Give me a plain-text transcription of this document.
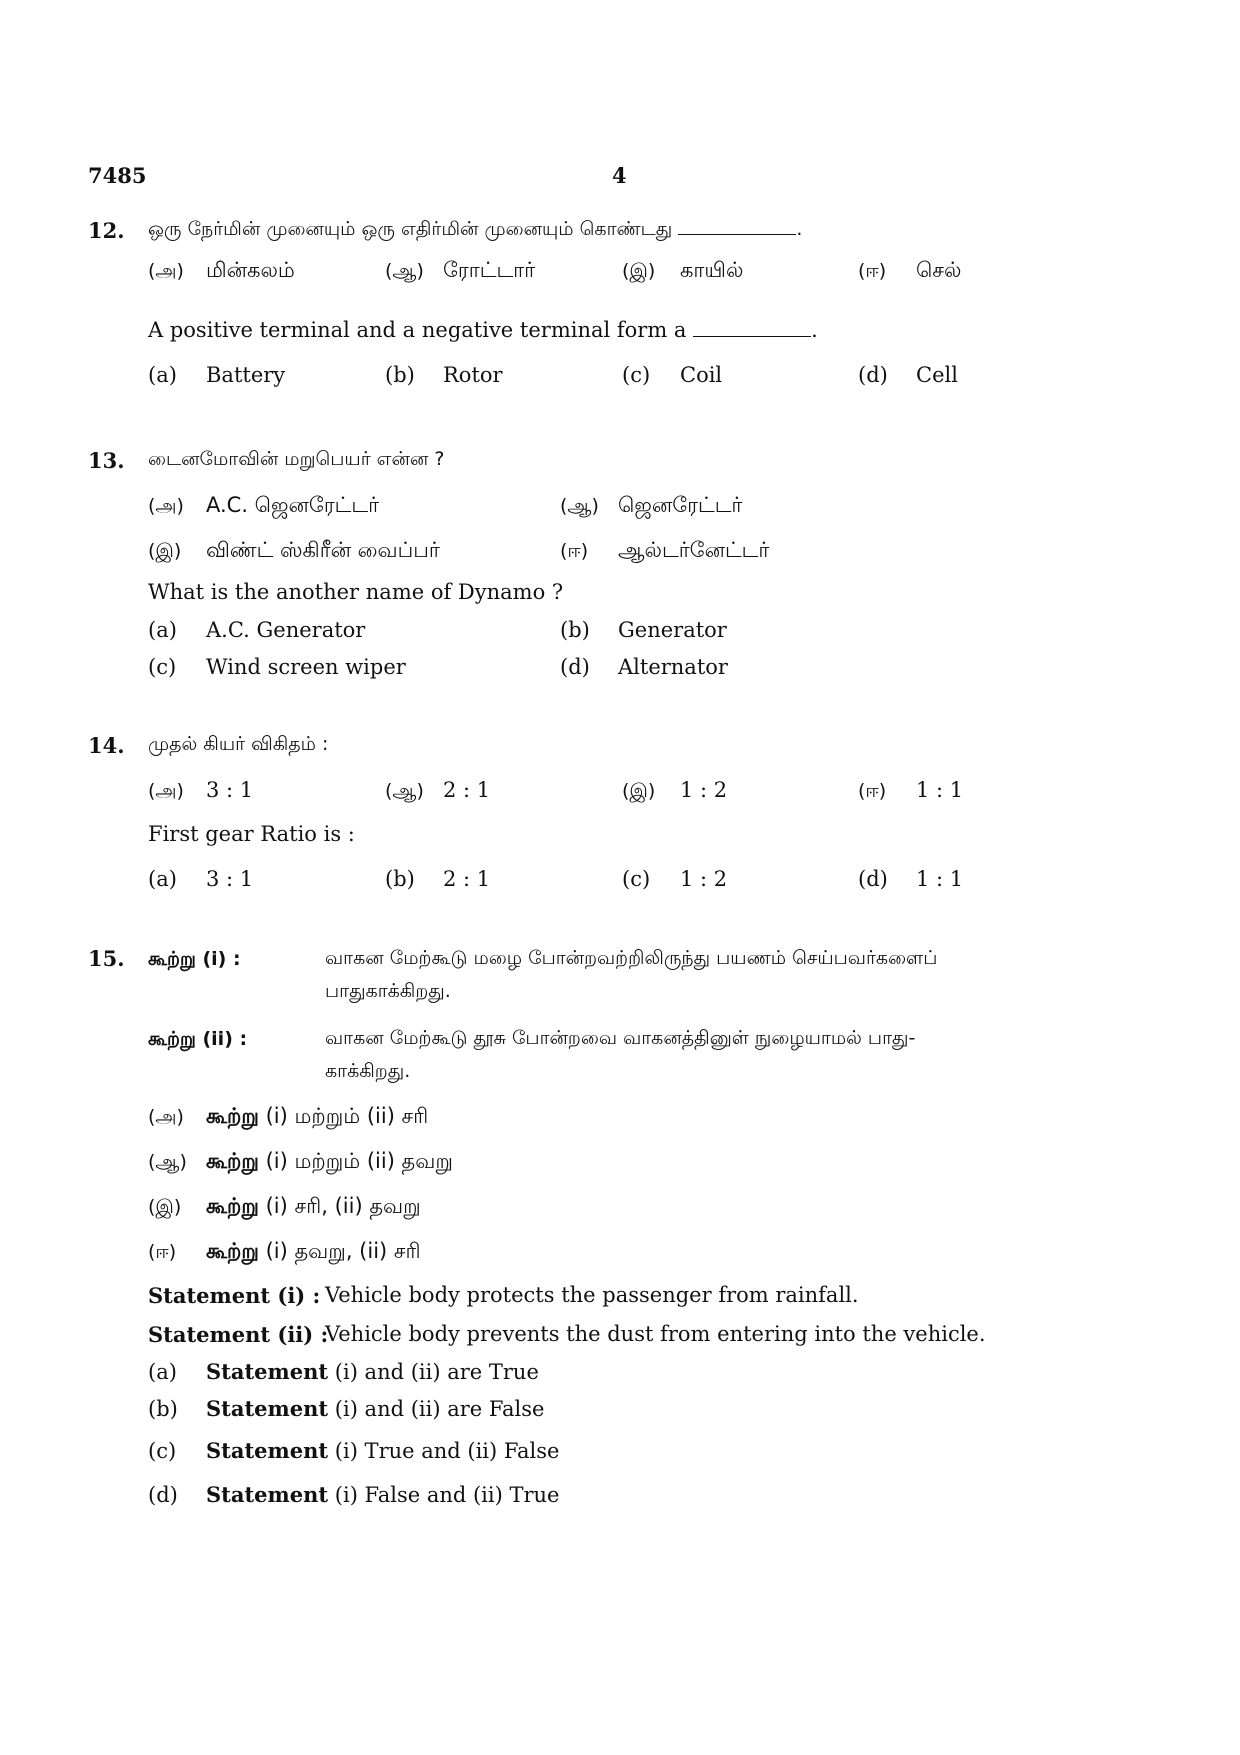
7485	4
12. ஒரு நேர்மின் முனையும் ஒரு எதிர்மின் முனையும் கொண்டது	.
(அ) மின்கலம்	(ஆ) ரோட்டார்	(இ) காயில்	(ஈ) செல்
A positive terminal and a negative terminal form a	.
(a) Battery	(b) Rotor	(c) Coil	(d) Cell
13. டைனமோவின் மறுபெயர் என்ன ?
(அ) A.C. ஜெனரேட்டர்	(ஆ) ஜெனரேட்டர்
(இ) விண்ட் ஸ்கிரீன் வைப்பர்	(ஈ) ஆல்டர்னேட்டர்
What is the another name of Dynamo ?
(a) A.C. Generator	(b) Generator
(c) Wind screen wiper	(d) Alternator
14. முதல் கியர் விகிதம் :
(அ) 3 : 1	(ஆ) 2 : 1	(இ) 1 : 2	(ஈ) 1 : 1
First gear Ratio is :
(a) 3 : 1	(b) 2 : 1	(c) 1 : 2	(d) 1 : 1
15. கூற்று (i) :	வாகன மேற்கூடு மழை போன்றவற்றிலிருந்து பயணம் செய்பவர்களைப்
பாதுகாக்கிறது.
கூற்று (ii) :	வாகன மேற்கூடு தூசு போன்றவை வாகனத்தினுள் நுழையாமல் பாது-
காக்கிறது.
(அ) கூற்று (i) மற்றும் (ii) சரி
(ஆ) கூற்று (i) மற்றும் (ii) தவறு
(இ) கூற்று (i) சரி, (ii) தவறு
(ஈ) கூற்று (i) தவறு, (ii) சரி
Statement (i) : Vehicle body protects the passenger from rainfall.
Statement (ii) :
Vehicle body prevents the dust from entering into the vehicle.
(a) Statement (i) and (ii) are True
(b) Statement (i) and (ii) are False
(c) Statement (i) True and (ii) False
(d) Statement (i) False and (ii) True
